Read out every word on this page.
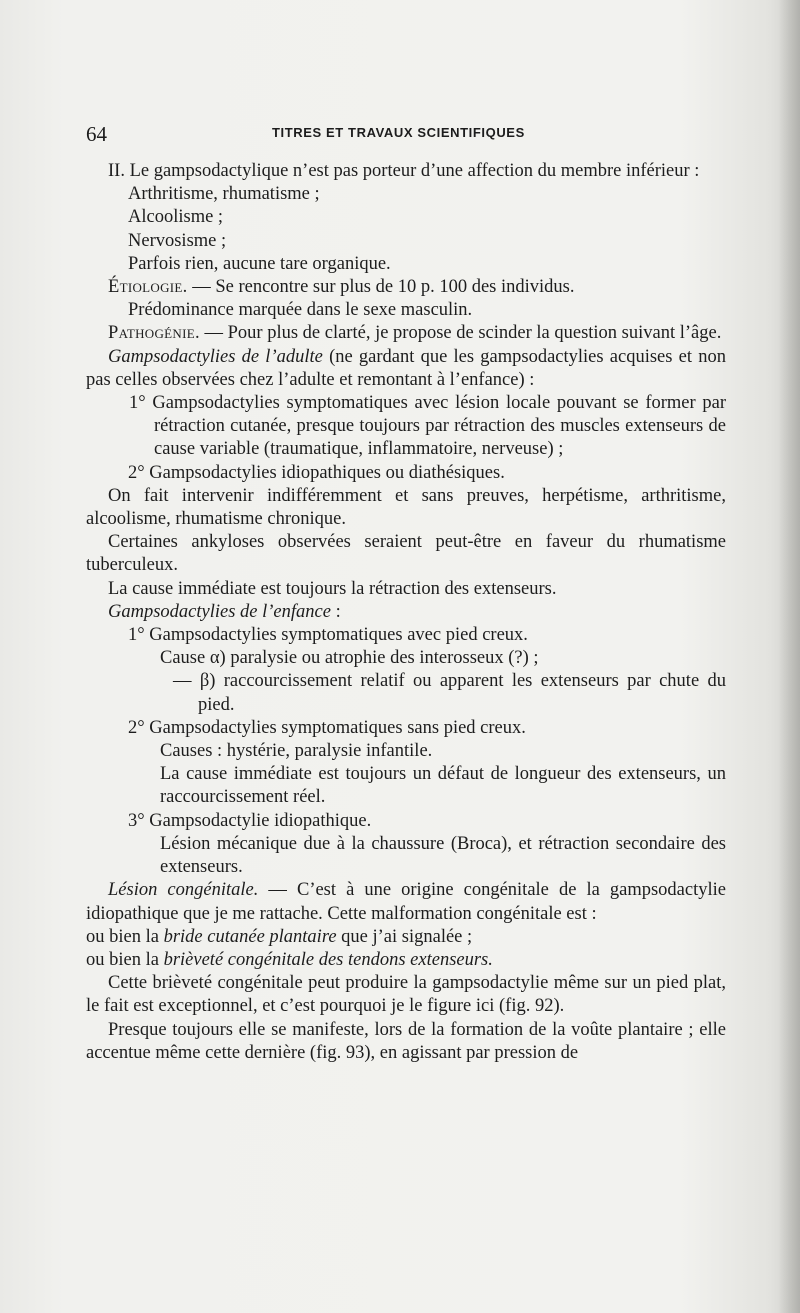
64	TITRES ET TRAVAUX SCIENTIFIQUES

II. Le gampsodactylique n’est pas porteur d’une affection du membre inférieur :

Arthritisme, rhumatisme ;

Alcoolisme ;

Nervosisme ;

Parfois rien, aucune tare organique.

Étiologie. — Se rencontre sur plus de 10 p. 100 des individus.

Prédominance marquée dans le sexe masculin.

Pathogénie. — Pour plus de clarté, je propose de scinder la question suivant l’âge.

Gampsodactylies de l’adulte (ne gardant que les gampsodactylies acquises et non pas celles observées chez l’adulte et remontant à l’enfance) :

1° Gampsodactylies symptomatiques avec lésion locale pouvant se former par rétraction cutanée, presque toujours par rétraction des muscles extenseurs de cause variable (traumatique, inflammatoire, nerveuse) ;

2° Gampsodactylies idiopathiques ou diathésiques.

On fait intervenir indifféremment et sans preuves, herpétisme, arthritisme, alcoolisme, rhumatisme chronique.

Certaines ankyloses observées seraient peut-être en faveur du rhumatisme tuberculeux.

La cause immédiate est toujours la rétraction des extenseurs.

Gampsodactylies de l’enfance :

1° Gampsodactylies symptomatiques avec pied creux.

Cause α) paralysie ou atrophie des interosseux (?) ;

— β) raccourcissement relatif ou apparent les extenseurs par chute du pied.

2° Gampsodactylies symptomatiques sans pied creux.

Causes : hystérie, paralysie infantile.

La cause immédiate est toujours un défaut de longueur des extenseurs, un raccourcissement réel.

3° Gampsodactylie idiopathique.

Lésion mécanique due à la chaussure (Broca), et rétraction secondaire des extenseurs.

Lésion congénitale. — C’est à une origine congénitale de la gampsodactylie idiopathique que je me rattache. Cette malformation congénitale est :

ou bien la bride cutanée plantaire que j’ai signalée ;

ou bien la brièveté congénitale des tendons extenseurs.

Cette brièveté congénitale peut produire la gampsodactylie même sur un pied plat, le fait est exceptionnel, et c’est pourquoi je le figure ici (fig. 92).

Presque toujours elle se manifeste, lors de la formation de la voûte plantaire ; elle accentue même cette dernière (fig. 93), en agissant par pression de
